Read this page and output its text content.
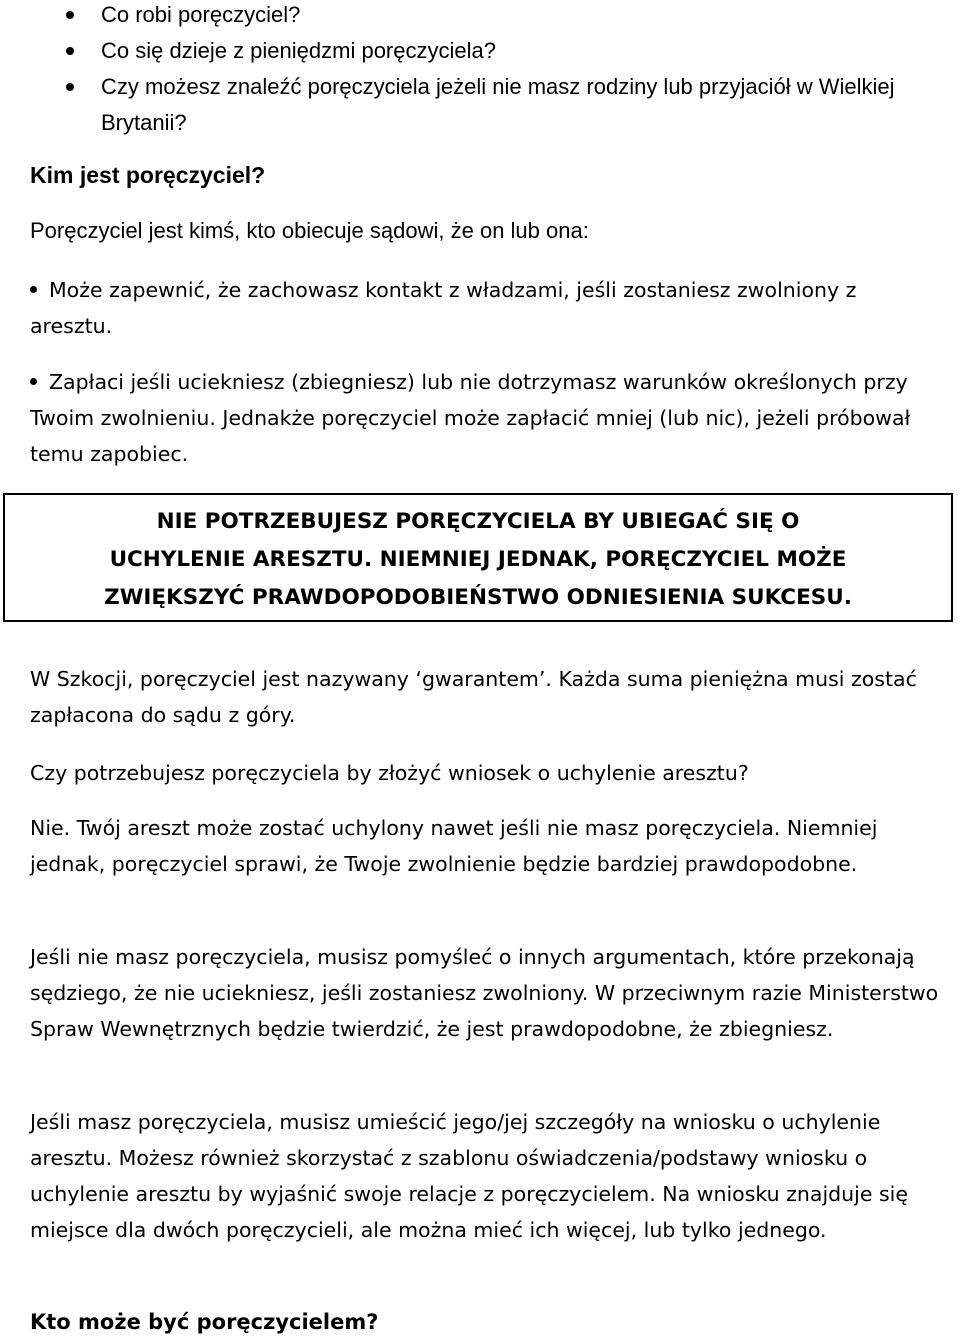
Co robi poręczyciel?
Co się dzieje z pieniędzmi poręczyciela?
Czy możesz znaleźć poręczyciela jeżeli nie masz rodziny lub przyjaciół w Wielkiej Brytanii?
Kim jest poręczyciel?

Poręczyciel jest kimś, kto obiecuje sądowi, że on lub ona:

Może zapewnić, że zachowasz kontakt z władzami, jeśli zostaniesz zwolniony z aresztu.

Zapłaci jeśli uciekniesz (zbiegniesz) lub nie dotrzymasz warunków określonych przy Twoim zwolnieniu. Jednakże poręczyciel może zapłacić mniej (lub nic), jeżeli próbował temu zapobiec.

NIE POTRZEBUJESZ PORĘCZYCIELA BY UBIEGAĆ SIĘ O
UCHYLENIE ARESZTU. NIEMNIEJ JEDNAK, PORĘCZYCIEL MOŻE
ZWIĘKSZYĆ PRAWDOPODOBIEŃSTWO ODNIESIENIA SUKCESU.

W Szkocji, poręczyciel jest nazywany ‘gwarantem’. Każda suma pieniężna musi zostać zapłacona do sądu z góry.

Czy potrzebujesz poręczyciela by złożyć wniosek o uchylenie aresztu?

Nie. Twój areszt może zostać uchylony nawet jeśli nie masz poręczyciela. Niemniej jednak, poręczyciel sprawi, że Twoje zwolnienie będzie bardziej prawdopodobne.

Jeśli nie masz poręczyciela, musisz pomyśleć o innych argumentach, które przekonają sędziego, że nie uciekniesz, jeśli zostaniesz zwolniony. W przeciwnym razie Ministerstwo Spraw Wewnętrznych będzie twierdzić, że jest prawdopodobne, że zbiegniesz.

Jeśli masz poręczyciela, musisz umieścić jego/jej szczegóły na wniosku o uchylenie aresztu. Możesz również skorzystać z szablonu oświadczenia/podstawy wniosku o uchylenie aresztu by wyjaśnić swoje relacje z poręczycielem. Na wniosku znajduje się miejsce dla dwóch poręczycieli, ale można mieć ich więcej, lub tylko jednego.

Kto może być poręczycielem?
